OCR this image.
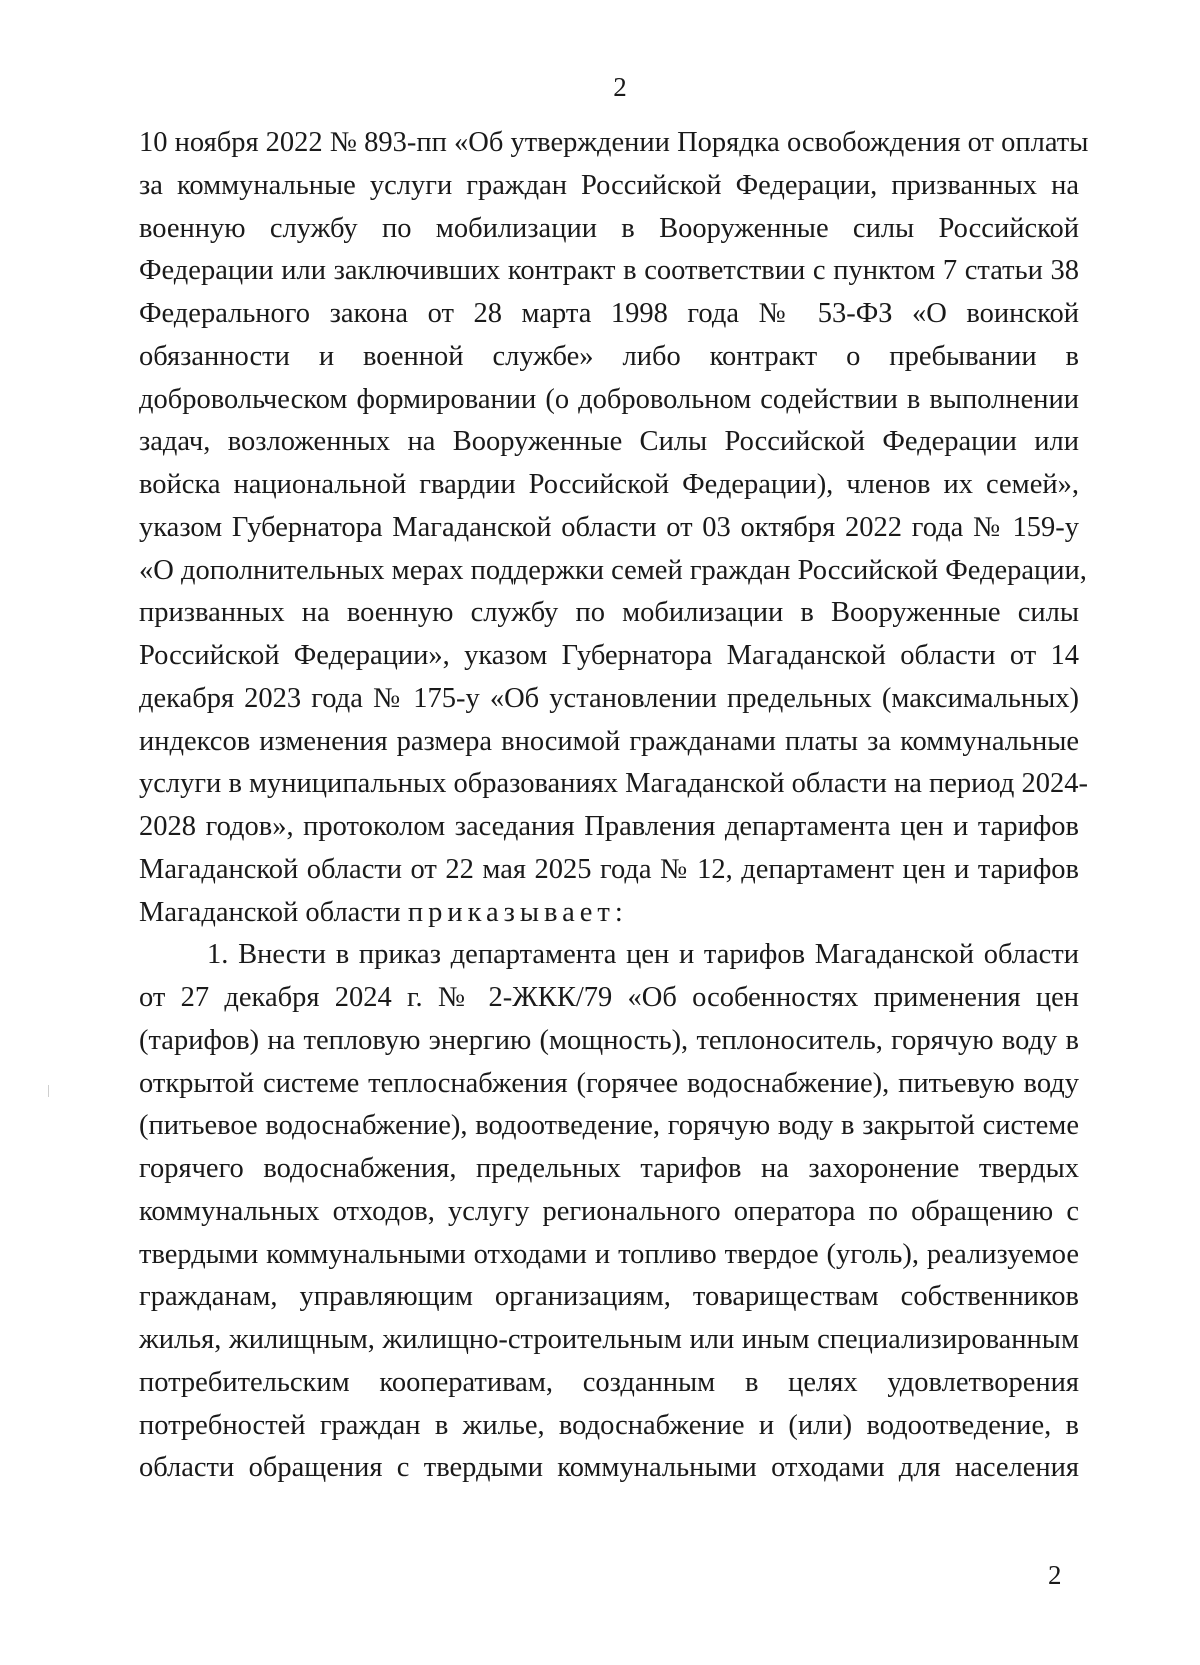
2
10 ноября 2022 № 893-пп «Об утверждении Порядка освобождения от оплаты
за коммунальные услуги граждан Российской Федерации, призванных на
военную службу по мобилизации в Вооруженные силы Российской
Федерации или заключивших контракт в соответствии с пунктом 7 статьи 38
Федерального закона от 28 марта 1998 года № 53-ФЗ «О воинской
обязанности и военной службе» либо контракт о пребывании в
добровольческом формировании (о добровольном содействии в выполнении
задач, возложенных на Вооруженные Силы Российской Федерации или
войска национальной гвардии Российской Федерации), членов их семей»,
указом Губернатора Магаданской области от 03 октября 2022 года № 159-у
«О дополнительных мерах поддержки семей граждан Российской Федерации,
призванных на военную службу по мобилизации в Вооруженные силы
Российской Федерации», указом Губернатора Магаданской области от 14
декабря 2023 года № 175-у «Об установлении предельных (максимальных)
индексов изменения размера вносимой гражданами платы за коммунальные
услуги в муниципальных образованиях Магаданской области на период 2024-
2028 годов», протоколом заседания Правления департамента цен и тарифов
Магаданской области от 22 мая 2025 года № 12, департамент цен и тарифов
Магаданской области приказывает:
1. Внести в приказ департамента цен и тарифов Магаданской области
от 27 декабря 2024 г. № 2-ЖКК/79 «Об особенностях применения цен
(тарифов) на тепловую энергию (мощность), теплоноситель, горячую воду в
открытой системе теплоснабжения (горячее водоснабжение), питьевую воду
(питьевое водоснабжение), водоотведение, горячую воду в закрытой системе
горячего водоснабжения, предельных тарифов на захоронение твердых
коммунальных отходов, услугу регионального оператора по обращению с
твердыми коммунальными отходами и топливо твердое (уголь), реализуемое
гражданам, управляющим организациям, товариществам собственников
жилья, жилищным, жилищно-строительным или иным специализированным
потребительским кооперативам, созданным в целях удовлетворения
потребностей граждан в жилье, водоснабжение и (или) водоотведение, в
области обращения с твердыми коммунальными отходами для населения
2
